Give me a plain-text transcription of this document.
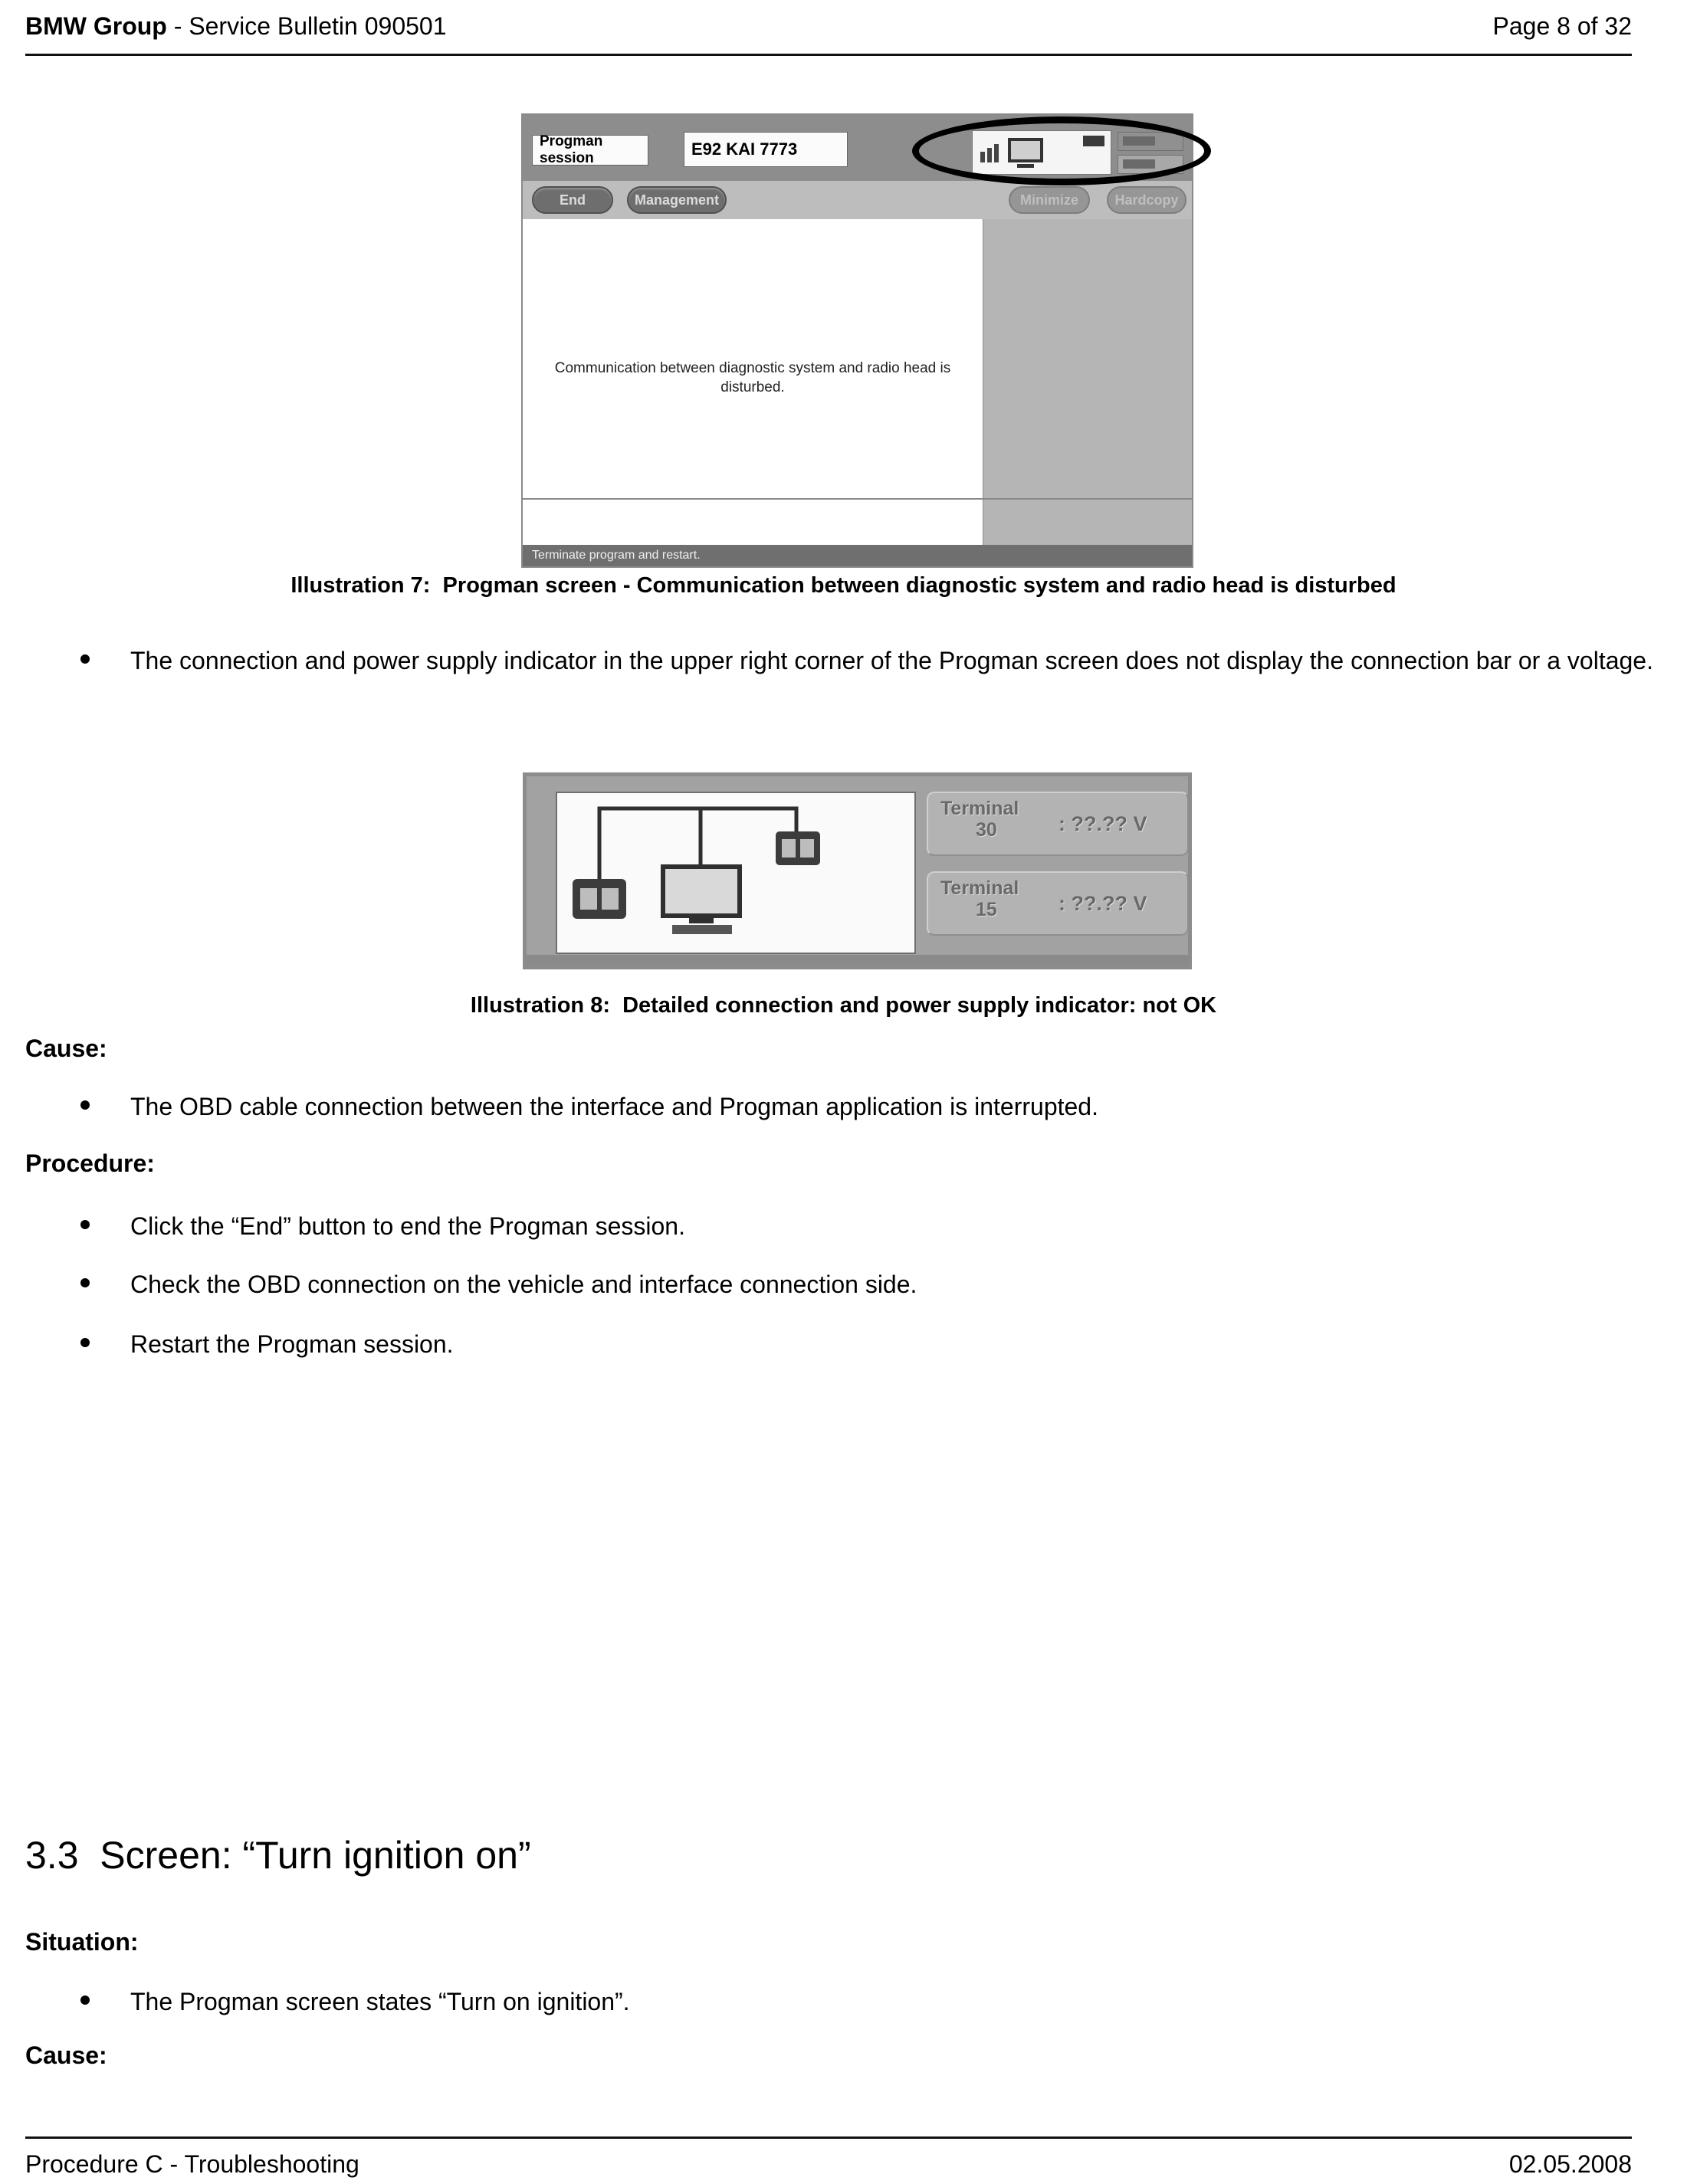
BMW Group - Service Bulletin 090501	Page 8 of 32
Progman session	E92 KAI 7773
End	Management	Minimize	Hardcopy
Communication between diagnostic system and radio head is disturbed.
Terminate program and restart.
Illustration 7:  Progman screen - Communication between diagnostic system and radio head is disturbed
The connection and power supply indicator in the upper right corner of the Progman screen does not display the connection bar or a voltage.
Terminal
30	: ??.?? V
Terminal
15	: ??.?? V
Illustration 8:  Detailed connection and power supply indicator: not OK
Cause:
The OBD cable connection between the interface and Progman application is interrupted.
Procedure:
Click the “End” button to end the Progman session.
Check the OBD connection on the vehicle and interface connection side.
Restart the Progman session.
3.3  Screen: “Turn ignition on”
Situation:
The Progman screen states “Turn on ignition”.
Cause:
Procedure C - Troubleshooting	02.05.2008
